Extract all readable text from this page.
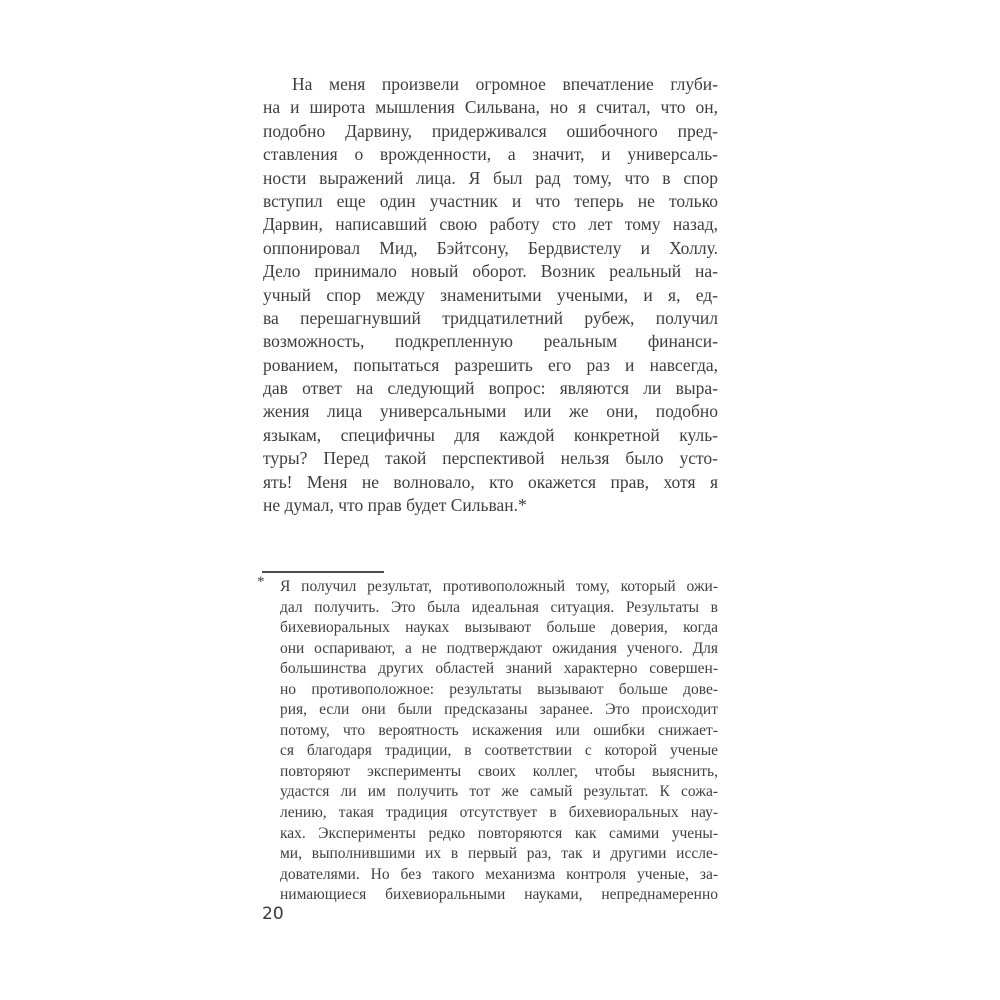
На меня произвели огромное впечатление глуби-
на и широта мышления Сильвана, но я считал, что он,
подобно Дарвину, придерживался ошибочного пред-
ставления о врожденности, а значит, и универсаль-
ности выражений лица. Я был рад тому, что в спор
вступил еще один участник и что теперь не только
Дарвин, написавший свою работу сто лет тому назад,
оппонировал Мид, Бэйтсону, Бердвистелу и Холлу.
Дело принимало новый оборот. Возник реальный на-
учный спор между знаменитыми учеными, и я, ед-
ва перешагнувший тридцатилетний рубеж, получил
возможность, подкрепленную реальным финанси-
рованием, попытаться разрешить его раз и навсегда,
дав ответ на следующий вопрос: являются ли выра-
жения лица универсальными или же они, подобно
языкам, специфичны для каждой конкретной куль-
туры? Перед такой перспективой нельзя было усто-
ять! Меня не волновало, кто окажется прав, хотя я
не думал, что прав будет Сильван.*
* Я получил результат, противоположный тому, который ожи-
дал получить. Это была идеальная ситуация. Результаты в
бихевиоральных науках вызывают больше доверия, когда
они оспаривают, а не подтверждают ожидания ученого. Для
большинства других областей знаний характерно совершен-
но противоположное: результаты вызывают больше дове-
рия, если они были предсказаны заранее. Это происходит
потому, что вероятность искажения или ошибки снижает-
ся благодаря традиции, в соответствии с которой ученые
повторяют эксперименты своих коллег, чтобы выяснить,
удастся ли им получить тот же самый результат. К сожа-
лению, такая традиция отсутствует в бихевиоральных нау-
ках. Эксперименты редко повторяются как самими учены-
ми, выполнившими их в первый раз, так и другими иссле-
дователями. Но без такого механизма контроля ученые, за-
нимающиеся бихевиоральными науками, непреднамеренно
20
